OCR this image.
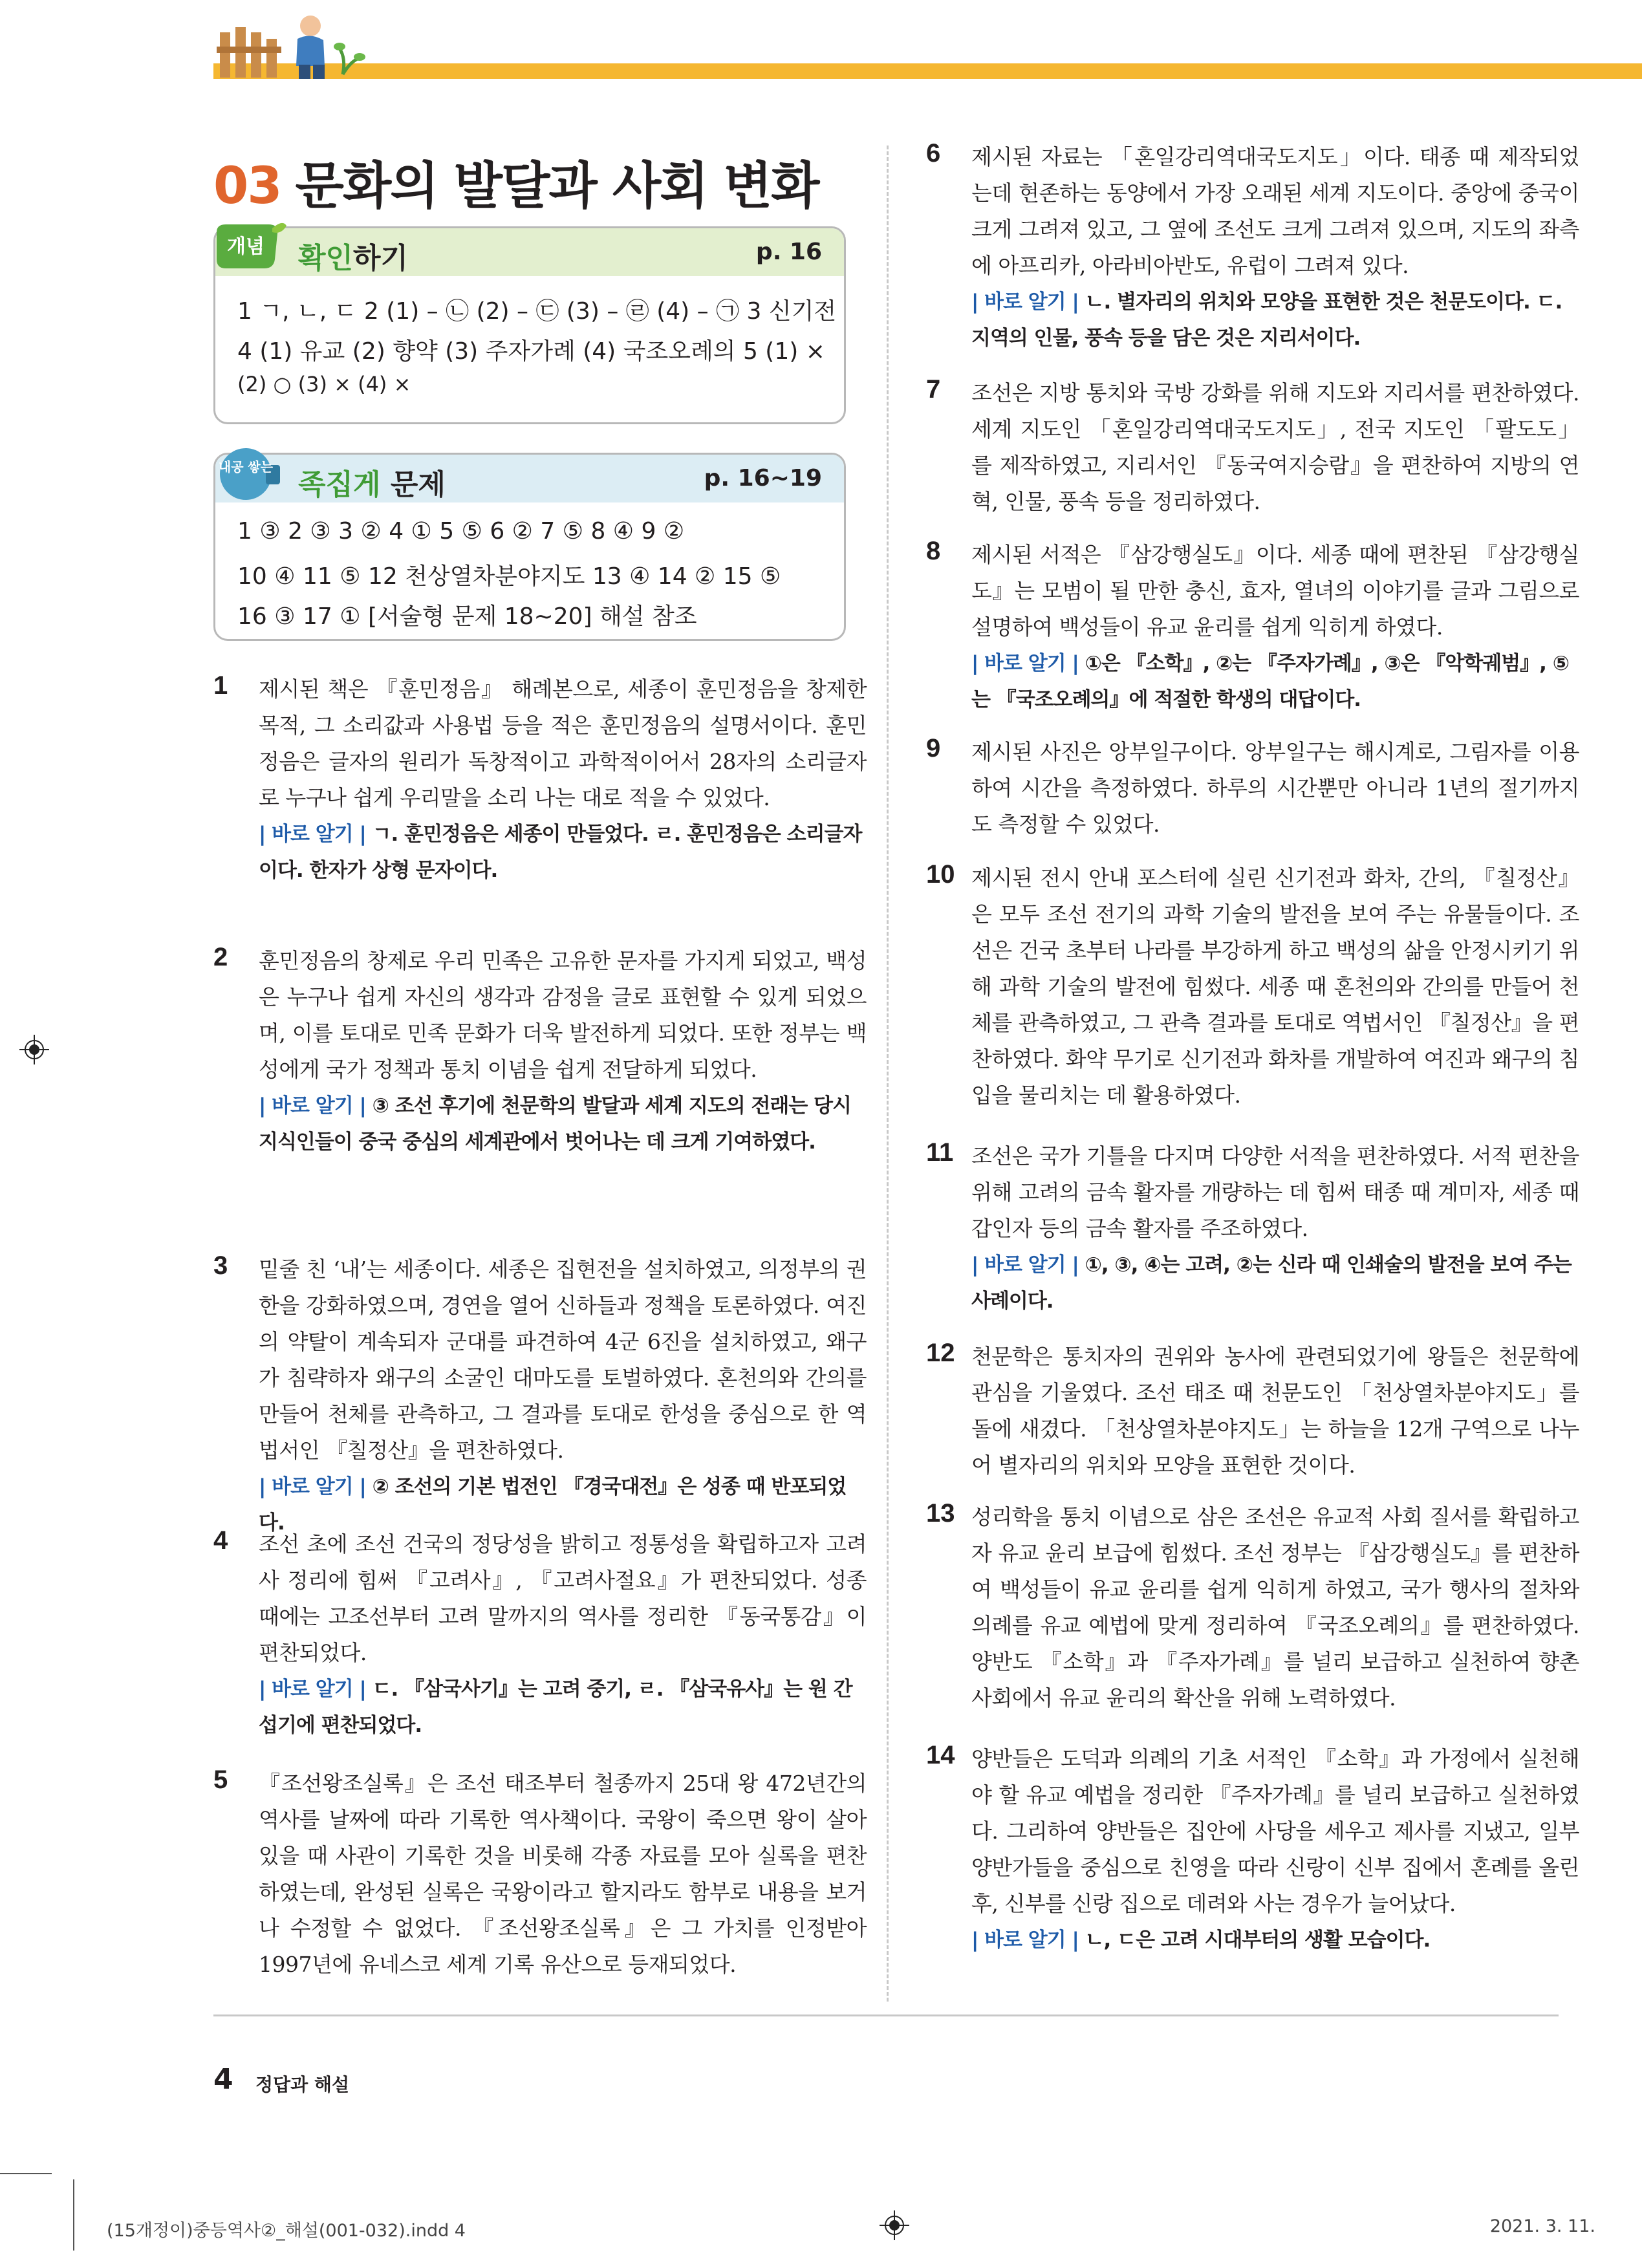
03 문화의 발달과 사회 변화
개념 확인하기	p. 16
1 ㄱ, ㄴ, ㄷ 2 (1) – ㉡ (2) – ㉢ (3) – ㉣ (4) – ㉠ 3 신기전
4 (1) 유교 (2) 향약 (3) 주자가례 (4) 국조오례의 5 (1) ×
(2) ○ (3) × (4) ×
내공 쌓는
족집게 문제	p. 16~19
1 ③ 2 ③ 3 ② 4 ① 5 ⑤ 6 ② 7 ⑤ 8 ④ 9 ②
10 ④ 11 ⑤ 12 천상열차분야지도 13 ④ 14 ② 15 ⑤
16 ③ 17 ① [서술형 문제 18~20] 해설 참조
1 제시된 책은 『훈민정음』 해례본으로, 세종이 훈민정음을 창제한 목적, 그 소리값과 사용법 등을 적은 훈민정음의 설명서이다. 훈민정음은 글자의 원리가 독창적이고 과학적이어서 28자의 소리글자로 누구나 쉽게 우리말을 소리 나는 대로 적을 수 있었다.
| 바로 알기 | ㄱ. 훈민정음은 세종이 만들었다. ㄹ. 훈민정음은 소리글자이다. 한자가 상형 문자이다.
2 훈민정음의 창제로 우리 민족은 고유한 문자를 가지게 되었고, 백성은 누구나 쉽게 자신의 생각과 감정을 글로 표현할 수 있게 되었으며, 이를 토대로 민족 문화가 더욱 발전하게 되었다. 또한 정부는 백성에게 국가 정책과 통치 이념을 쉽게 전달하게 되었다.
| 바로 알기 | ③ 조선 후기에 천문학의 발달과 세계 지도의 전래는 당시 지식인들이 중국 중심의 세계관에서 벗어나는 데 크게 기여하였다.
3 밑줄 친 ‘내’는 세종이다. 세종은 집현전을 설치하였고, 의정부의 권한을 강화하였으며, 경연을 열어 신하들과 정책을 토론하였다. 여진의 약탈이 계속되자 군대를 파견하여 4군 6진을 설치하였고, 왜구가 침략하자 왜구의 소굴인 대마도를 토벌하였다. 혼천의와 간의를 만들어 천체를 관측하고, 그 결과를 토대로 한성을 중심으로 한 역법서인 『칠정산』을 편찬하였다.
| 바로 알기 | ② 조선의 기본 법전인 『경국대전』은 성종 때 반포되었다.
4 조선 초에 조선 건국의 정당성을 밝히고 정통성을 확립하고자 고려사 정리에 힘써 『고려사』, 『고려사절요』가 편찬되었다. 성종 때에는 고조선부터 고려 말까지의 역사를 정리한 『동국통감』이 편찬되었다.
| 바로 알기 | ㄷ. 『삼국사기』는 고려 중기, ㄹ. 『삼국유사』는 원 간섭기에 편찬되었다.
5 『조선왕조실록』은 조선 태조부터 철종까지 25대 왕 472년간의 역사를 날짜에 따라 기록한 역사책이다. 국왕이 죽으면 왕이 살아 있을 때 사관이 기록한 것을 비롯해 각종 자료를 모아 실록을 편찬하였는데, 완성된 실록은 국왕이라고 할지라도 함부로 내용을 보거나 수정할 수 없었다. 『조선왕조실록』은 그 가치를 인정받아 1997년에 유네스코 세계 기록 유산으로 등재되었다.
6 제시된 자료는 「혼일강리역대국도지도」이다. 태종 때 제작되었는데 현존하는 동양에서 가장 오래된 세계 지도이다. 중앙에 중국이 크게 그려져 있고, 그 옆에 조선도 크게 그려져 있으며, 지도의 좌측에 아프리카, 아라비아반도, 유럽이 그려져 있다.
| 바로 알기 | ㄴ. 별자리의 위치와 모양을 표현한 것은 천문도이다. ㄷ. 지역의 인물, 풍속 등을 담은 것은 지리서이다.
7 조선은 지방 통치와 국방 강화를 위해 지도와 지리서를 편찬하였다. 세계 지도인 「혼일강리역대국도지도」, 전국 지도인 「팔도도」를 제작하였고, 지리서인 『동국여지승람』을 편찬하여 지방의 연혁, 인물, 풍속 등을 정리하였다.
8 제시된 서적은 『삼강행실도』이다. 세종 때에 편찬된 『삼강행실도』는 모범이 될 만한 충신, 효자, 열녀의 이야기를 글과 그림으로 설명하여 백성들이 유교 윤리를 쉽게 익히게 하였다.
| 바로 알기 | ①은 『소학』, ②는 『주자가례』, ③은 『악학궤범』, ⑤는 『국조오례의』에 적절한 학생의 대답이다.
9 제시된 사진은 앙부일구이다. 앙부일구는 해시계로, 그림자를 이용하여 시간을 측정하였다. 하루의 시간뿐만 아니라 1년의 절기까지도 측정할 수 있었다.
10 제시된 전시 안내 포스터에 실린 신기전과 화차, 간의, 『칠정산』은 모두 조선 전기의 과학 기술의 발전을 보여 주는 유물들이다. 조선은 건국 초부터 나라를 부강하게 하고 백성의 삶을 안정시키기 위해 과학 기술의 발전에 힘썼다. 세종 때 혼천의와 간의를 만들어 천체를 관측하였고, 그 관측 결과를 토대로 역법서인 『칠정산』을 편찬하였다. 화약 무기로 신기전과 화차를 개발하여 여진과 왜구의 침입을 물리치는 데 활용하였다.
11 조선은 국가 기틀을 다지며 다양한 서적을 편찬하였다. 서적 편찬을 위해 고려의 금속 활자를 개량하는 데 힘써 태종 때 계미자, 세종 때 갑인자 등의 금속 활자를 주조하였다.
| 바로 알기 | ①, ③, ④는 고려, ②는 신라 때 인쇄술의 발전을 보여 주는 사례이다.
12 천문학은 통치자의 권위와 농사에 관련되었기에 왕들은 천문학에 관심을 기울였다. 조선 태조 때 천문도인 「천상열차분야지도」를 돌에 새겼다. 「천상열차분야지도」는 하늘을 12개 구역으로 나누어 별자리의 위치와 모양을 표현한 것이다.
13 성리학을 통치 이념으로 삼은 조선은 유교적 사회 질서를 확립하고자 유교 윤리 보급에 힘썼다. 조선 정부는 『삼강행실도』를 편찬하여 백성들이 유교 윤리를 쉽게 익히게 하였고, 국가 행사의 절차와 의례를 유교 예법에 맞게 정리하여 『국조오례의』를 편찬하였다. 양반도 『소학』과 『주자가례』를 널리 보급하고 실천하여 향촌 사회에서 유교 윤리의 확산을 위해 노력하였다.
14 양반들은 도덕과 의례의 기초 서적인 『소학』과 가정에서 실천해야 할 유교 예법을 정리한 『주자가례』를 널리 보급하고 실천하였다. 그리하여 양반들은 집안에 사당을 세우고 제사를 지냈고, 일부 양반가들을 중심으로 친영을 따라 신랑이 신부 집에서 혼례를 올린 후, 신부를 신랑 집으로 데려와 사는 경우가 늘어났다.
| 바로 알기 | ㄴ, ㄷ은 고려 시대부터의 생활 모습이다.
4 정답과 해설
(15개정이)중등역사②_해설(001-032).indd 4	2021. 3. 11.
